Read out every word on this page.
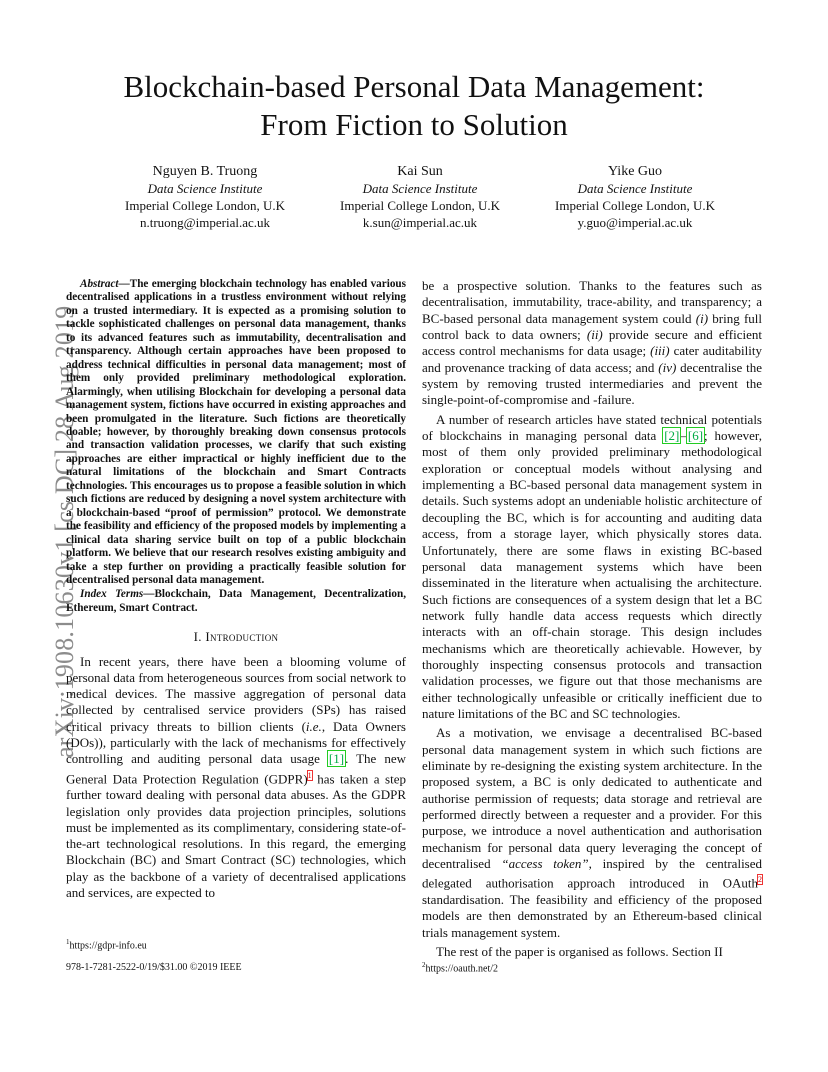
arXiv:1908.10630v1 [cs.DC] 28 Aug 2019
Blockchain-based Personal Data Management:
From Fiction to Solution
Nguyen B. Truong
Data Science Institute
Imperial College London, U.K
n.truong@imperial.ac.uk
Kai Sun
Data Science Institute
Imperial College London, U.K
k.sun@imperial.ac.uk
Yike Guo
Data Science Institute
Imperial College London, U.K
y.guo@imperial.ac.uk

Abstract—The emerging blockchain technology has enabled various decentralised applications in a trustless environment without relying on a trusted intermediary. It is expected as a promising solution to tackle sophisticated challenges on personal data management, thanks to its advanced features such as immutability, decentralisation and transparency. Although certain approaches have been proposed to address technical difficulties in personal data management; most of them only provided preliminary methodological exploration. Alarmingly, when utilising Blockchain for developing a personal data management system, fictions have occurred in existing approaches and been promulgated in the literature. Such fictions are theoretically doable; however, by thoroughly breaking down consensus protocols and transaction validation processes, we clarify that such existing approaches are either impractical or highly inefficient due to the natural limitations of the blockchain and Smart Contracts technologies. This encourages us to propose a feasible solution in which such fictions are reduced by designing a novel system architecture with a blockchain-based “proof of permission” protocol. We demonstrate the feasibility and efficiency of the proposed models by implementing a clinical data sharing service built on top of a public blockchain platform. We believe that our research resolves existing ambiguity and take a step further on providing a practically feasible solution for decentralised personal data management.

Index Terms—Blockchain, Data Management, Decentralization, Ethereum, Smart Contract.

I. Introduction

In recent years, there have been a blooming volume of personal data from heterogeneous sources from social network to medical devices. The massive aggregation of personal data collected by centralised service providers (SPs) has raised critical privacy threats to billion clients (i.e., Data Owners (DOs)), particularly with the lack of mechanisms for effectively controlling and auditing personal data usage [1]. The new General Data Protection Regulation (GDPR)$^1$ has taken a step further toward dealing with personal data abuses. As the GDPR legislation only provides data projection principles, solutions must be implemented as its complimentary, considering state-of-the-art technological resolutions. In this regard, the emerging Blockchain (BC) and Smart Contract (SC) technologies, which play as the backbone of a variety of decentralised applications and services, are expected to

be a prospective solution. Thanks to the features such as decentralisation, immutability, trace-ability, and transparency; a BC-based personal data management system could (i) bring full control back to data owners; (ii) provide secure and efficient access control mechanisms for data usage; (iii) cater auditability and provenance tracking of data access; and (iv) decentralise the system by removing trusted intermediaries and prevent the single-point-of-compromise and -failure.

A number of research articles have stated technical potentials of blockchains in managing personal data [2]–[6]; however, most of them only provided preliminary methodological exploration or conceptual models without analysing and implementing a BC-based personal data management system in details. Such systems adopt an undeniable holistic architecture of decoupling the BC, which is for accounting and auditing data access, from a storage layer, which physically stores data. Unfortunately, there are some flaws in existing BC-based personal data management systems which have been disseminated in the literature when actualising the architecture. Such fictions are consequences of a system design that let a BC network fully handle data access requests which directly interacts with an off-chain storage. This design includes mechanisms which are theoretically achievable. However, by thoroughly inspecting consensus protocols and transaction validation processes, we figure out that those mechanisms are either technologically unfeasible or critically inefficient due to nature limitations of the BC and SC technologies.

As a motivation, we envisage a decentralised BC-based personal data management system in which such fictions are eliminate by re-designing the existing system architecture. In the proposed system, a BC is only dedicated to authenticate and authorise permission of requests; data storage and retrieval are performed directly between a requester and a provider. For this purpose, we introduce a novel authentication and authorisation mechanism for personal data query leveraging the concept of decentralised “access token”, inspired by the centralised delegated authorisation approach introduced in OAuth$^2$ standardisation. The feasibility and efficiency of the proposed models are then demonstrated by an Ethereum-based clinical trials management system.

The rest of the paper is organised as follows. Section II

$^1$https://gdpr-info.eu
978-1-7281-2522-0/19/$31.00 ©2019 IEEE	$^2$https://oauth.net/2
